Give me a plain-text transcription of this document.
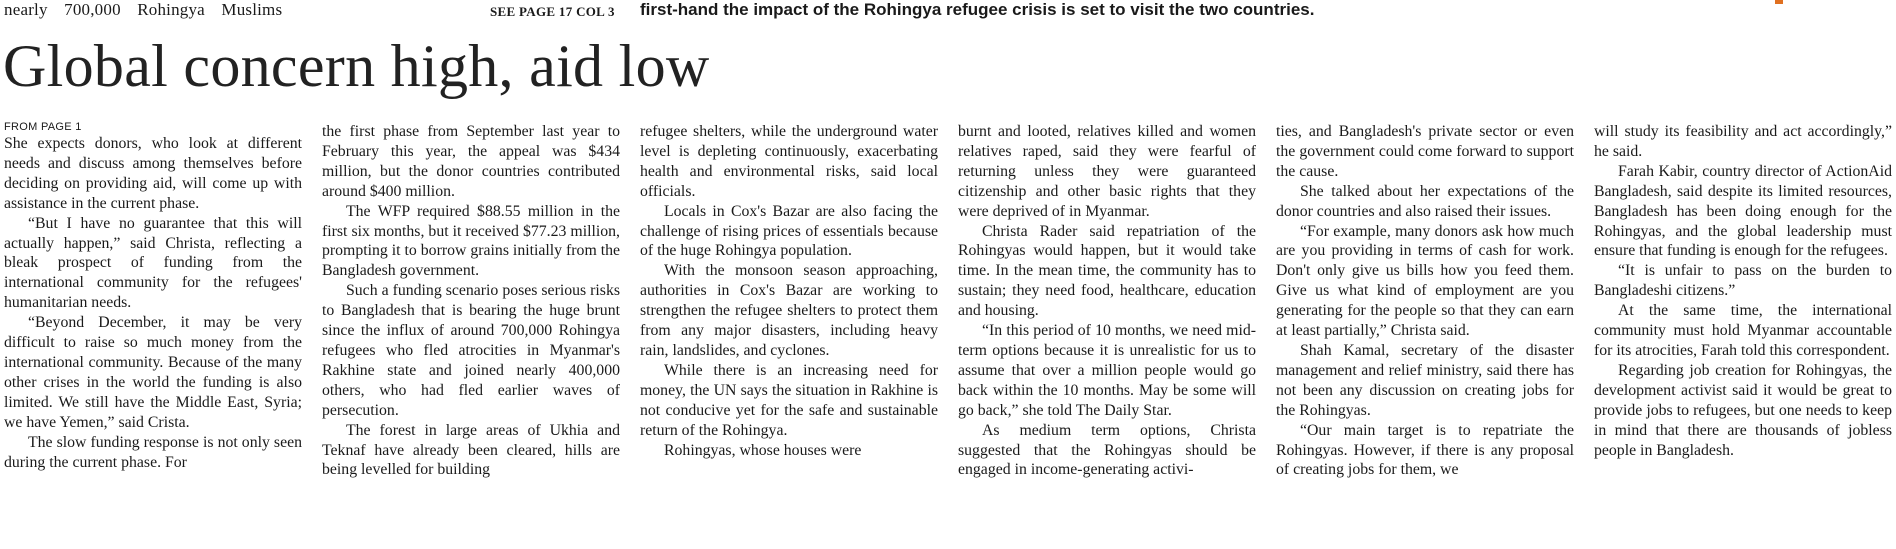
nearly 700,000 Rohingya Muslims	SEE PAGE 17 COL 3 first-hand the impact of the Rohingya refugee crisis is set to visit the two countries.
Global concern high, aid low

FROM PAGE 1

She expects donors, who look at different needs and discuss among themselves before deciding on providing aid, will come up with assistance in the current phase.

“But I have no guarantee that this will actually happen,” said Christa, reflecting a bleak prospect of funding from the international community for the refugees' humanitarian needs.

“Beyond December, it may be very difficult to raise so much money from the international community. Because of the many other crises in the world the funding is also limited. We still have the Middle East, Syria; we have Yemen,” said Crista.

The slow funding response is not only seen during the current phase. For

the first phase from September last year to February this year, the appeal was $434 million, but the donor countries contributed around $400 million.

The WFP required $88.55 million in the first six months, but it received $77.23 million, prompting it to borrow grains initially from the Bangladesh government.

Such a funding scenario poses serious risks to Bangladesh that is bearing the huge brunt since the influx of around 700,000 Rohingya refugees who fled atrocities in Myanmar's Rakhine state and joined nearly 400,000 others, who had fled earlier waves of persecution.

The forest in large areas of Ukhia and Teknaf have already been cleared, hills are being levelled for building

refugee shelters, while the underground water level is depleting continuously, exacerbating health and environmental risks, said local officials.

Locals in Cox's Bazar are also facing the challenge of rising prices of essentials because of the huge Rohingya population.

With the monsoon season approaching, authorities in Cox's Bazar are working to strengthen the refugee shelters to protect them from any major disasters, including heavy rain, landslides, and cyclones.

While there is an increasing need for money, the UN says the situation in Rakhine is not conducive yet for the safe and sustainable return of the Rohingya.

Rohingyas, whose houses were

burnt and looted, relatives killed and women relatives raped, said they were fearful of returning unless they were guaranteed citizenship and other basic rights that they were deprived of in Myanmar.

Christa Rader said repatriation of the Rohingyas would happen, but it would take time. In the mean time, the community has to sustain; they need food, healthcare, education and housing.

“In this period of 10 months, we need mid-term options because it is unrealistic for us to assume that over a million people would go back within the 10 months. May be some will go back,” she told The Daily Star.

As medium term options, Christa suggested that the Rohingyas should be engaged in income-generating activi-

ties, and Bangladesh's private sector or even the government could come forward to support the cause.

She talked about her expectations of the donor countries and also raised their issues.

“For example, many donors ask how much are you providing in terms of cash for work. Don't only give us bills how you feed them. Give us what kind of employment are you generating for the people so that they can earn at least partially,” Christa said.

Shah Kamal, secretary of the disaster management and relief ministry, said there has not been any discussion on creating jobs for the Rohingyas.

“Our main target is to repatriate the Rohingyas. However, if there is any proposal of creating jobs for them, we

will study its feasibility and act accordingly,” he said.

Farah Kabir, country director of ActionAid Bangladesh, said despite its limited resources, Bangladesh has been doing enough for the Rohingyas, and the global leadership must ensure that funding is enough for the refugees.

“It is unfair to pass on the burden to Bangladeshi citizens.”

At the same time, the international community must hold Myanmar accountable for its atrocities, Farah told this correspondent.

Regarding job creation for Rohingyas, the development activist said it would be great to provide jobs to refugees, but one needs to keep in mind that there are thousands of jobless people in Bangladesh.
